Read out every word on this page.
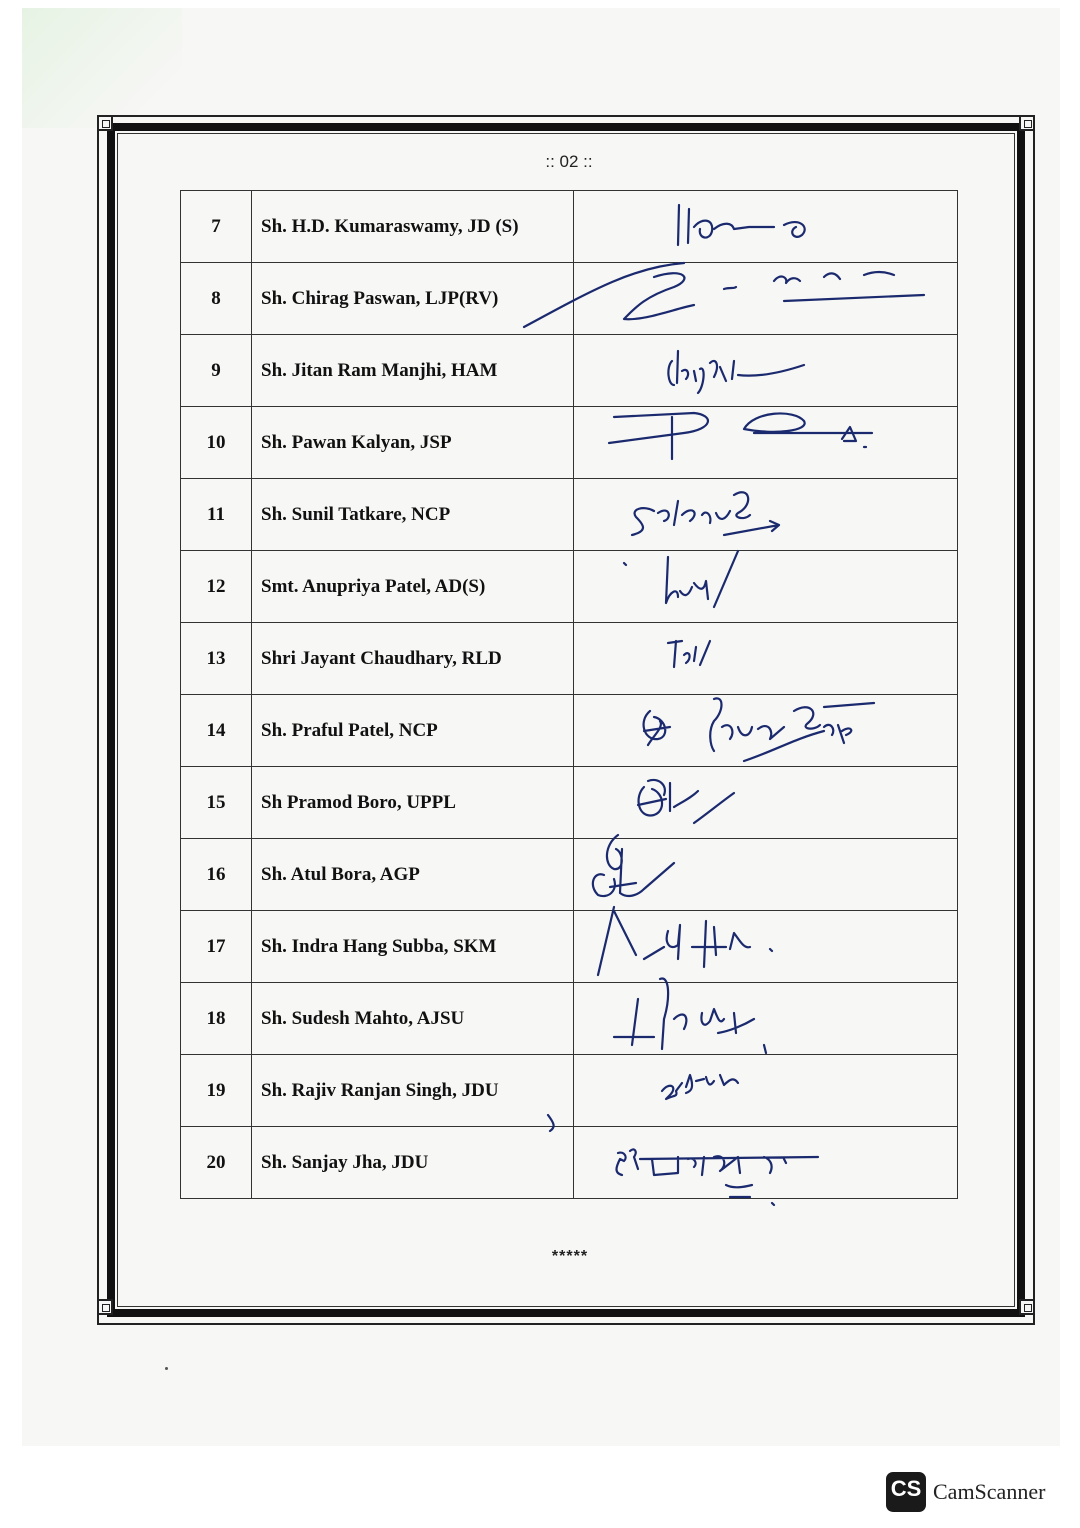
:: 02 ::
7	Sh. H.D. Kumaraswamy, JD (S)	

8	Sh. Chirag Paswan, LJP(RV)	

9	Sh. Jitan Ram Manjhi, HAM	

10	Sh. Pawan Kalyan, JSP	

11	Sh. Sunil Tatkare, NCP	

12	Smt. Anupriya Patel, AD(S)	

13	Shri Jayant Chaudhary, RLD	

14	Sh. Praful Patel, NCP	

15	Sh Pramod Boro, UPPL	

16	Sh. Atul Bora, AGP	

17	Sh. Indra Hang Subba, SKM	

18	Sh. Sudesh Mahto, AJSU	

19	Sh. Rajiv Ranjan Singh, JDU	

20	Sh. Sanjay Jha, JDU	
*****
CS CamScanner
